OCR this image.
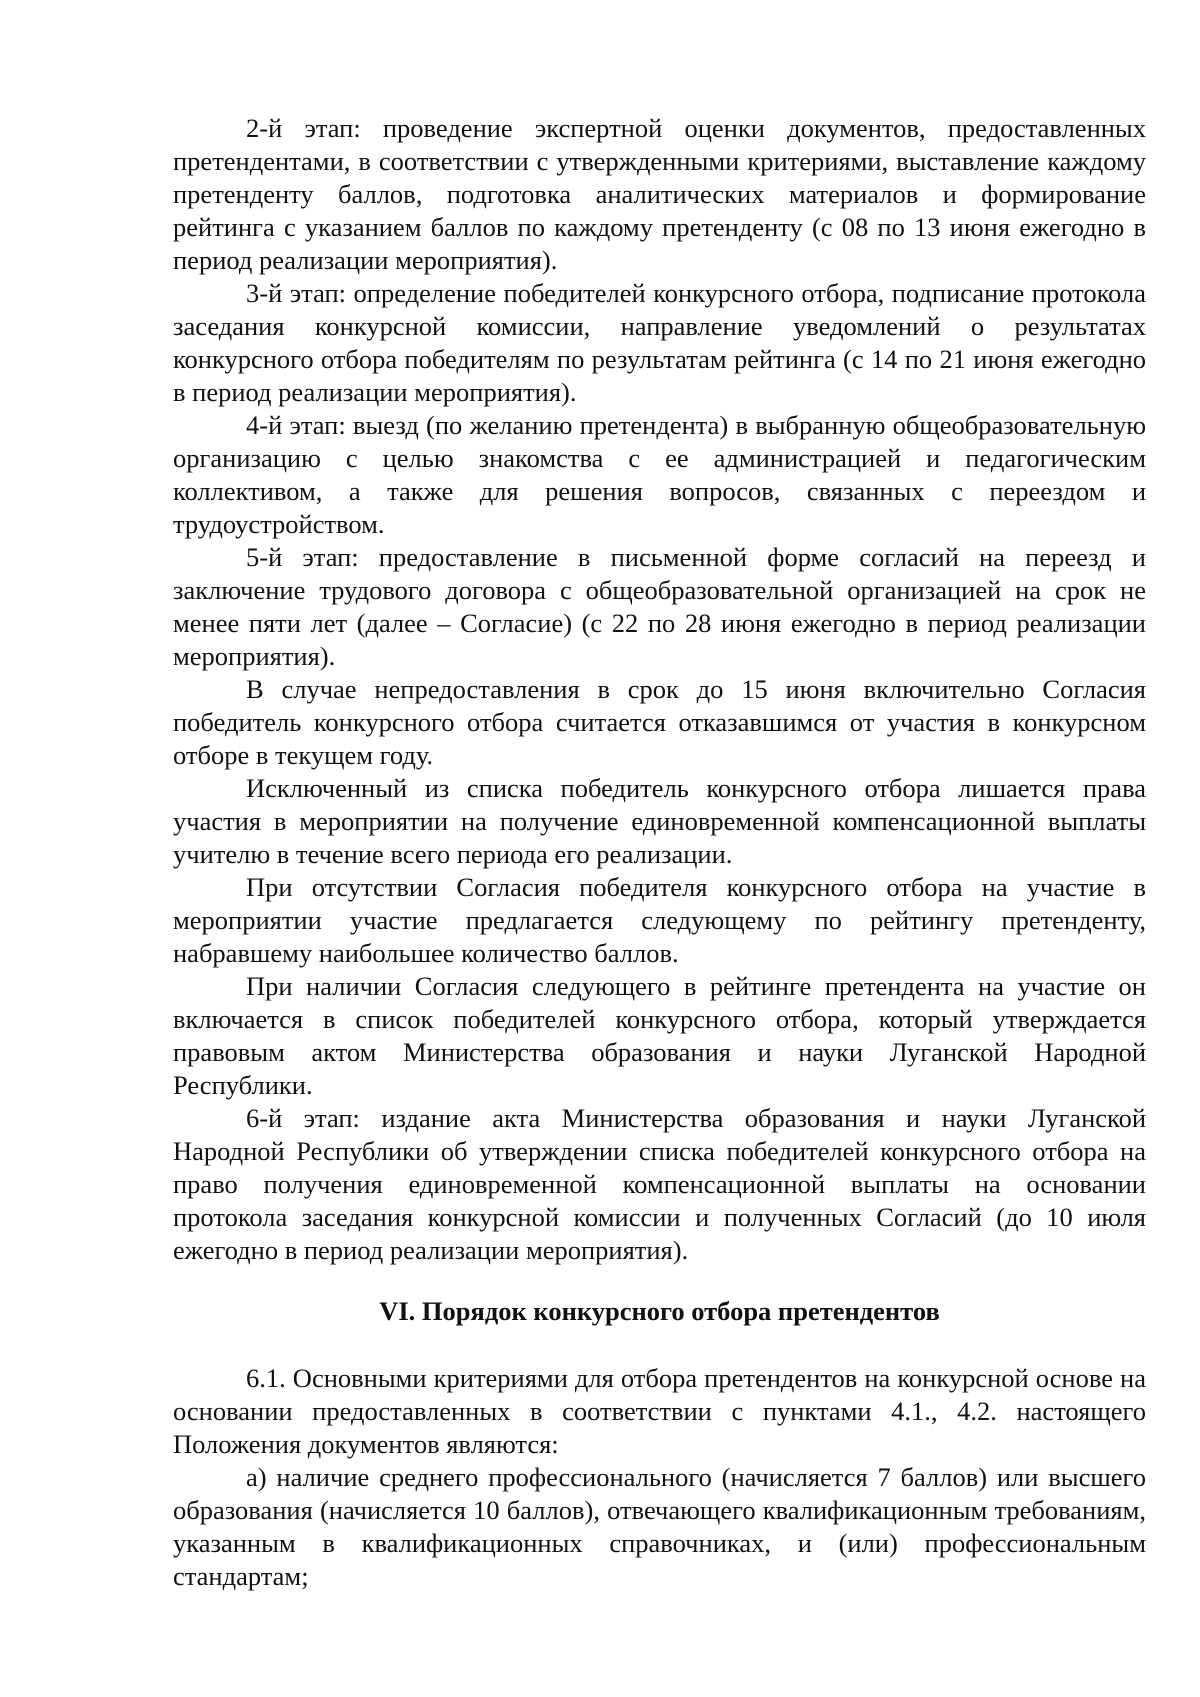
2-й этап: проведение экспертной оценки документов, предоставленных претендентами, в соответствии с утвержденными критериями, выставление каждому претенденту баллов, подготовка аналитических материалов и формирование рейтинга с указанием баллов по каждому претенденту (с 08 по 13 июня ежегодно в период реализации мероприятия).

3-й этап: определение победителей конкурсного отбора, подписание протокола заседания конкурсной комиссии, направление уведомлений о результатах конкурсного отбора победителям по результатам рейтинга (с 14 по 21 июня ежегодно в период реализации мероприятия).

4-й этап: выезд (по желанию претендента) в выбранную общеобразовательную организацию с целью знакомства с ее администрацией и педагогическим коллективом, а также для решения вопросов, связанных с переездом и трудоустройством.

5-й этап: предоставление в письменной форме согласий на переезд и заключение трудового договора с общеобразовательной организацией на срок не менее пяти лет (далее – Согласие) (с 22 по 28 июня ежегодно в период реализации мероприятия).

В случае непредоставления в срок до 15 июня включительно Согласия победитель конкурсного отбора считается отказавшимся от участия в конкурсном отборе в текущем году.

Исключенный из списка победитель конкурсного отбора лишается права участия в мероприятии на получение единовременной компенсационной выплаты учителю в течение всего периода его реализации.

При отсутствии Согласия победителя конкурсного отбора на участие в мероприятии участие предлагается следующему по рейтингу претенденту, набравшему наибольшее количество баллов.

При наличии Согласия следующего в рейтинге претендента на участие он включается в список победителей конкурсного отбора, который утверждается правовым актом Министерства образования и науки Луганской Народной Республики.

6-й этап: издание акта Министерства образования и науки Луганской Народной Республики об утверждении списка победителей конкурсного отбора на право получения единовременной компенсационной выплаты на основании протокола заседания конкурсной комиссии и полученных Согласий (до 10 июля ежегодно в период реализации мероприятия).

VI. Порядок конкурсного отбора претендентов

6.1. Основными критериями для отбора претендентов на конкурсной основе на основании предоставленных в соответствии с пунктами 4.1., 4.2. настоящего Положения документов являются:

а) наличие среднего профессионального (начисляется 7 баллов) или высшего образования (начисляется 10 баллов), отвечающего квалификационным требованиям, указанным в квалификационных справочниках, и (или) профессиональным стандартам;
